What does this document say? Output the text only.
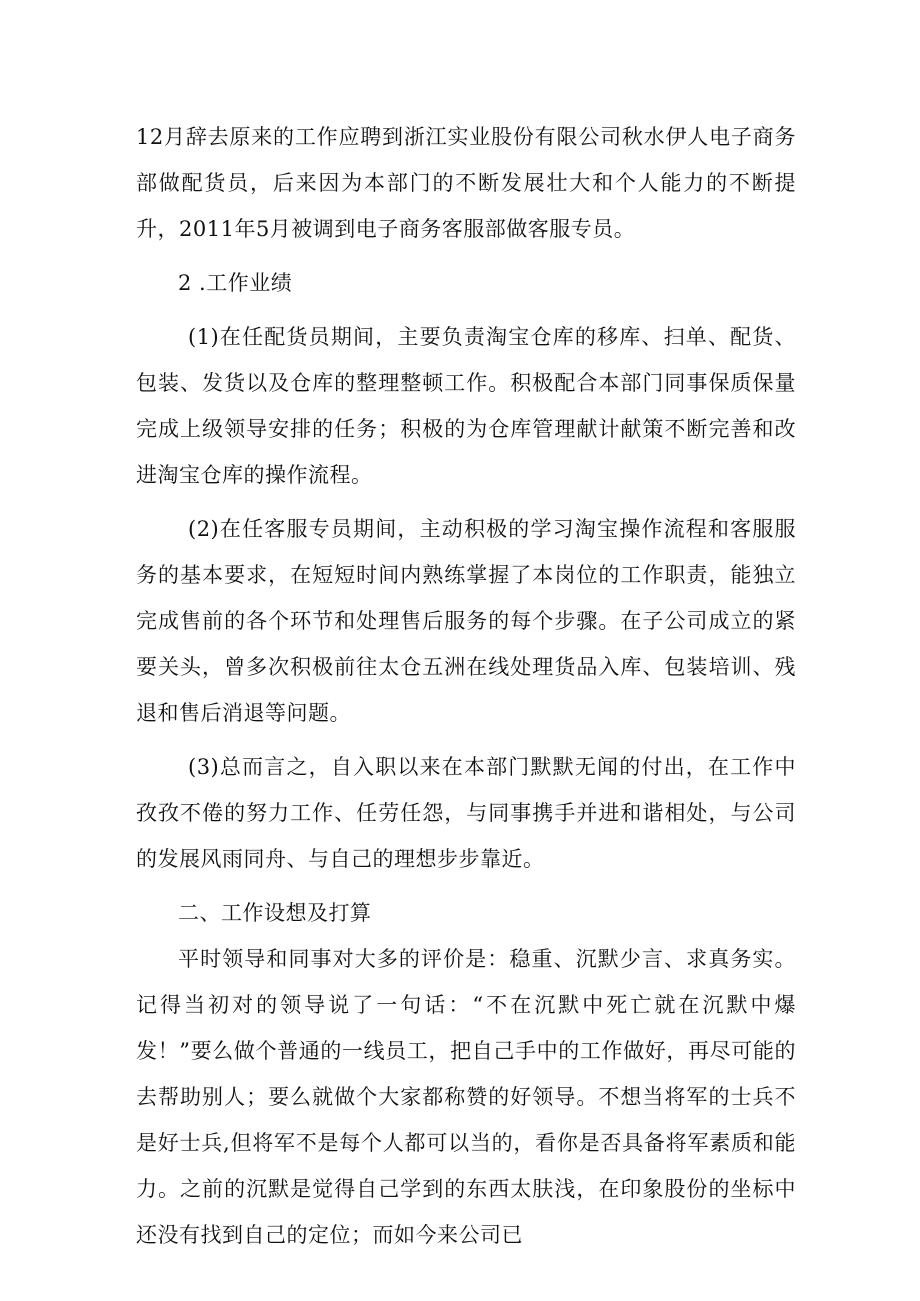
12月辞去原来的工作应聘到浙江实业股份有限公司秋水伊人电子商务部做配货员，后来因为本部门的不断发展壮大和个人能力的不断提升，2011年5月被调到电子商务客服部做客服专员。

2 .工作业绩

(1)在任配货员期间，主要负责淘宝仓库的移库、扫单、配货、包装、发货以及仓库的整理整顿工作。积极配合本部门同事保质保量完成上级领导安排的任务；积极的为仓库管理献计献策不断完善和改进淘宝仓库的操作流程。

(2)在任客服专员期间，主动积极的学习淘宝操作流程和客服服务的基本要求，在短短时间内熟练掌握了本岗位的工作职责，能独立完成售前的各个环节和处理售后服务的每个步骤。在子公司成立的紧要关头，曾多次积极前往太仓五洲在线处理货品入库、包装培训、残退和售后消退等问题。

(3)总而言之，自入职以来在本部门默默无闻的付出，在工作中孜孜不倦的努力工作、任劳任怨，与同事携手并进和谐相处，与公司的发展风雨同舟、与自己的理想步步靠近。

二、工作设想及打算

平时领导和同事对大多的评价是：稳重、沉默少言、求真务实。记得当初对的领导说了一句话：“不在沉默中死亡就在沉默中爆发！”要么做个普通的一线员工，把自己手中的工作做好，再尽可能的去帮助别人；要么就做个大家都称赞的好领导。不想当将军的士兵不是好士兵,但将军不是每个人都可以当的，看你是否具备将军素质和能力。之前的沉默是觉得自己学到的东西太肤浅，在印象股份的坐标中还没有找到自己的定位；而如今来公司已
